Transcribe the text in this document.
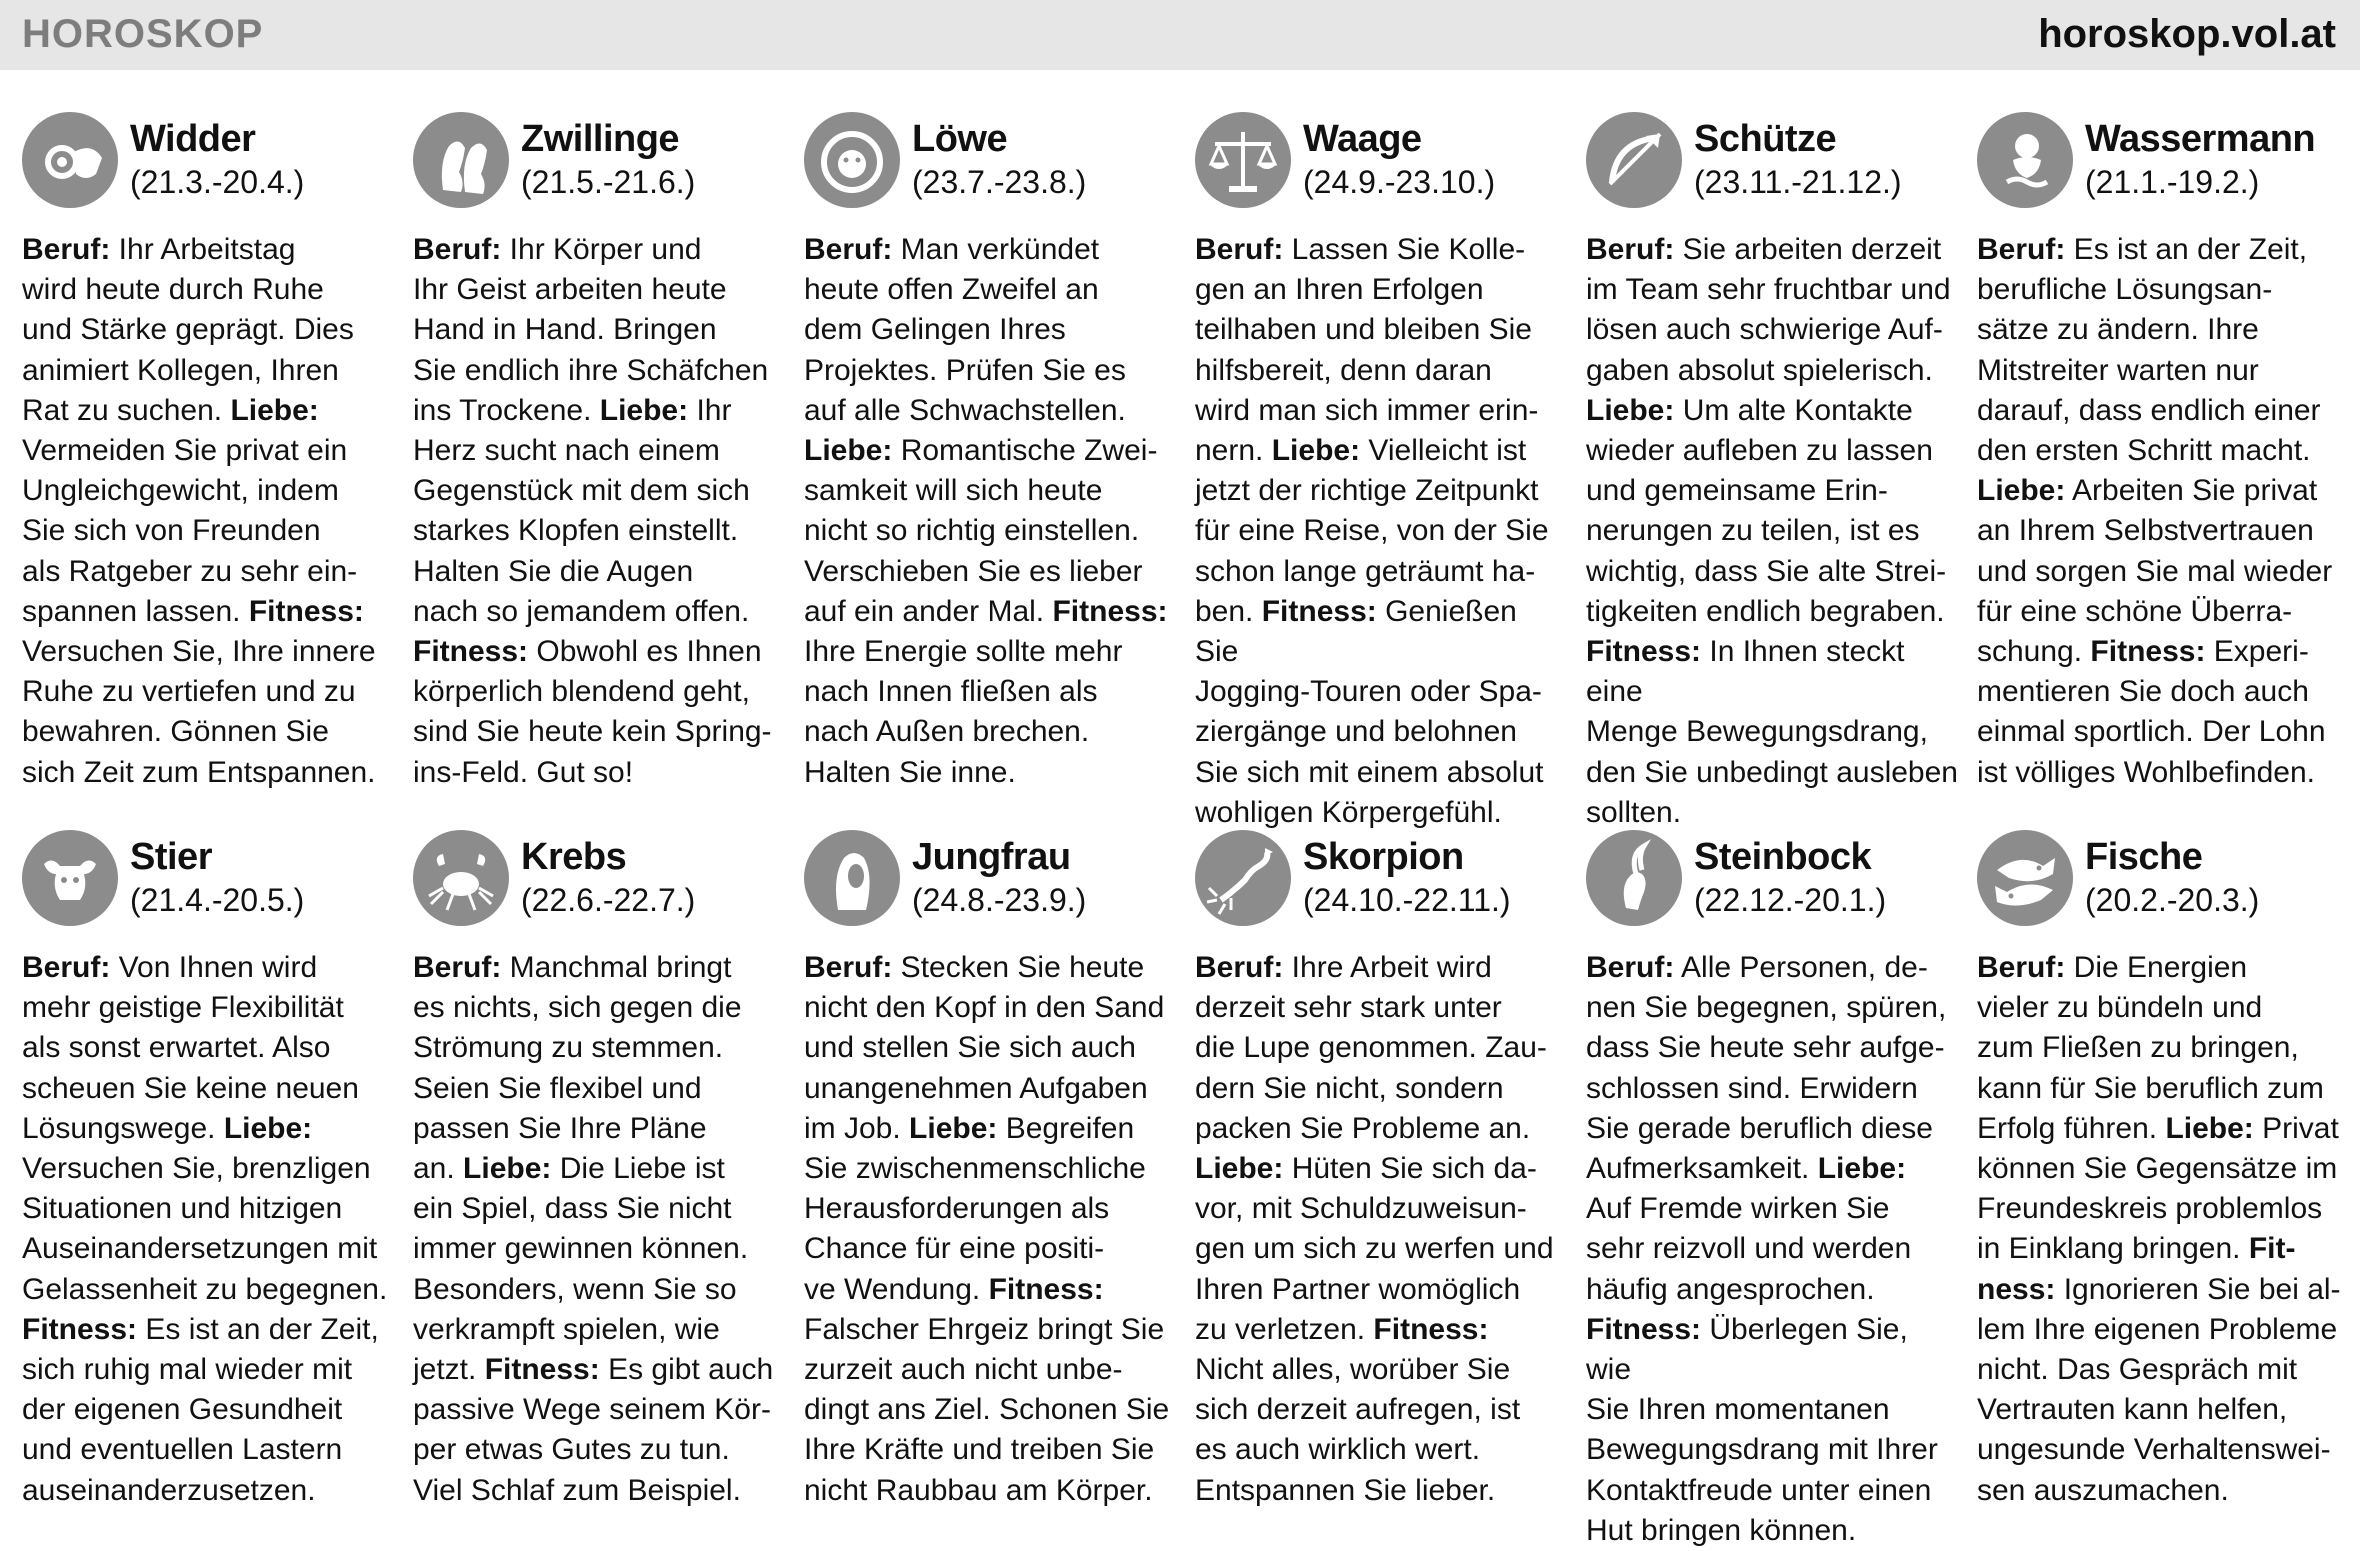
HOROSKOP	horoskop.vol.at
Widder
(21.3.-20.4.)
Beruf: Ihr Arbeitstag
wird heute durch Ruhe
und Stärke geprägt. Dies
animiert Kollegen, Ihren
Rat zu suchen. Liebe:
Vermeiden Sie privat ein
Ungleichgewicht, indem
Sie sich von Freunden
als Ratgeber zu sehr ein-
spannen lassen. Fitness:
Versuchen Sie, Ihre innere
Ruhe zu vertiefen und zu
bewahren. Gönnen Sie
sich Zeit zum Entspannen.
Zwillinge
(21.5.-21.6.)
Beruf: Ihr Körper und
Ihr Geist arbeiten heute
Hand in Hand. Bringen
Sie endlich ihre Schäfchen
ins Trockene. Liebe: Ihr
Herz sucht nach einem
Gegenstück mit dem sich
starkes Klopfen einstellt.
Halten Sie die Augen
nach so jemandem offen.
Fitness: Obwohl es Ihnen
körperlich blendend geht,
sind Sie heute kein Spring-
ins-Feld. Gut so!
Löwe
(23.7.-23.8.)
Beruf: Man verkündet
heute offen Zweifel an
dem Gelingen Ihres
Projektes. Prüfen Sie es
auf alle Schwachstellen.
Liebe: Romantische Zwei-
samkeit will sich heute
nicht so richtig einstellen.
Verschieben Sie es lieber
auf ein ander Mal. Fitness:
Ihre Energie sollte mehr
nach Innen fließen als
nach Außen brechen.
Halten Sie inne.
Waage
(24.9.-23.10.)
Beruf: Lassen Sie Kolle-
gen an Ihren Erfolgen
teilhaben und bleiben Sie
hilfsbereit, denn daran
wird man sich immer erin-
nern. Liebe: Vielleicht ist
jetzt der richtige Zeitpunkt
für eine Reise, von der Sie
schon lange geträumt ha-
ben. Fitness: Genießen Sie
Jogging-Touren oder Spa-
ziergänge und belohnen
Sie sich mit einem absolut
wohligen Körpergefühl.
Schütze
(23.11.-21.12.)
Beruf: Sie arbeiten derzeit
im Team sehr fruchtbar und
lösen auch schwierige Auf-
gaben absolut spielerisch.
Liebe: Um alte Kontakte
wieder aufleben zu lassen
und gemeinsame Erin-
nerungen zu teilen, ist es
wichtig, dass Sie alte Strei-
tigkeiten endlich begraben.
Fitness: In Ihnen steckt eine
Menge Bewegungsdrang,
den Sie unbedingt ausleben
sollten.
Wassermann
(21.1.-19.2.)
Beruf: Es ist an der Zeit,
berufliche Lösungsan-
sätze zu ändern. Ihre
Mitstreiter warten nur
darauf, dass endlich einer
den ersten Schritt macht.
Liebe: Arbeiten Sie privat
an Ihrem Selbstvertrauen
und sorgen Sie mal wieder
für eine schöne Überra-
schung. Fitness: Experi-
mentieren Sie doch auch
einmal sportlich. Der Lohn
ist völliges Wohlbefinden.
Stier
(21.4.-20.5.)
Beruf: Von Ihnen wird
mehr geistige Flexibilität
als sonst erwartet. Also
scheuen Sie keine neuen
Lösungswege. Liebe:
Versuchen Sie, brenzligen
Situationen und hitzigen
Auseinandersetzungen mit
Gelassenheit zu begegnen.
Fitness: Es ist an der Zeit,
sich ruhig mal wieder mit
der eigenen Gesundheit
und eventuellen Lastern
auseinanderzusetzen.
Krebs
(22.6.-22.7.)
Beruf: Manchmal bringt
es nichts, sich gegen die
Strömung zu stemmen.
Seien Sie flexibel und
passen Sie Ihre Pläne
an. Liebe: Die Liebe ist
ein Spiel, dass Sie nicht
immer gewinnen können.
Besonders, wenn Sie so
verkrampft spielen, wie
jetzt. Fitness: Es gibt auch
passive Wege seinem Kör-
per etwas Gutes zu tun.
Viel Schlaf zum Beispiel.
Jungfrau
(24.8.-23.9.)
Beruf: Stecken Sie heute
nicht den Kopf in den Sand
und stellen Sie sich auch
unangenehmen Aufgaben
im Job. Liebe: Begreifen
Sie zwischenmenschliche
Herausforderungen als
Chance für eine positi-
ve Wendung. Fitness:
Falscher Ehrgeiz bringt Sie
zurzeit auch nicht unbe-
dingt ans Ziel. Schonen Sie
Ihre Kräfte und treiben Sie
nicht Raubbau am Körper.
Skorpion
(24.10.-22.11.)
Beruf: Ihre Arbeit wird
derzeit sehr stark unter
die Lupe genommen. Zau-
dern Sie nicht, sondern
packen Sie Probleme an.
Liebe: Hüten Sie sich da-
vor, mit Schuldzuweisun-
gen um sich zu werfen und
Ihren Partner womöglich
zu verletzen. Fitness:
Nicht alles, worüber Sie
sich derzeit aufregen, ist
es auch wirklich wert.
Entspannen Sie lieber.
Steinbock
(22.12.-20.1.)
Beruf: Alle Personen, de-
nen Sie begegnen, spüren,
dass Sie heute sehr aufge-
schlossen sind. Erwidern
Sie gerade beruflich diese
Aufmerksamkeit. Liebe:
Auf Fremde wirken Sie
sehr reizvoll und werden
häufig angesprochen.
Fitness: Überlegen Sie, wie
Sie Ihren momentanen
Bewegungsdrang mit Ihrer
Kontaktfreude unter einen
Hut bringen können.
Fische
(20.2.-20.3.)
Beruf: Die Energien
vieler zu bündeln und
zum Fließen zu bringen,
kann für Sie beruflich zum
Erfolg führen. Liebe: Privat
können Sie Gegensätze im
Freundeskreis problemlos
in Einklang bringen. Fit-
ness: Ignorieren Sie bei al-
lem Ihre eigenen Probleme
nicht. Das Gespräch mit
Vertrauten kann helfen,
ungesunde Verhaltenswei-
sen auszumachen.
